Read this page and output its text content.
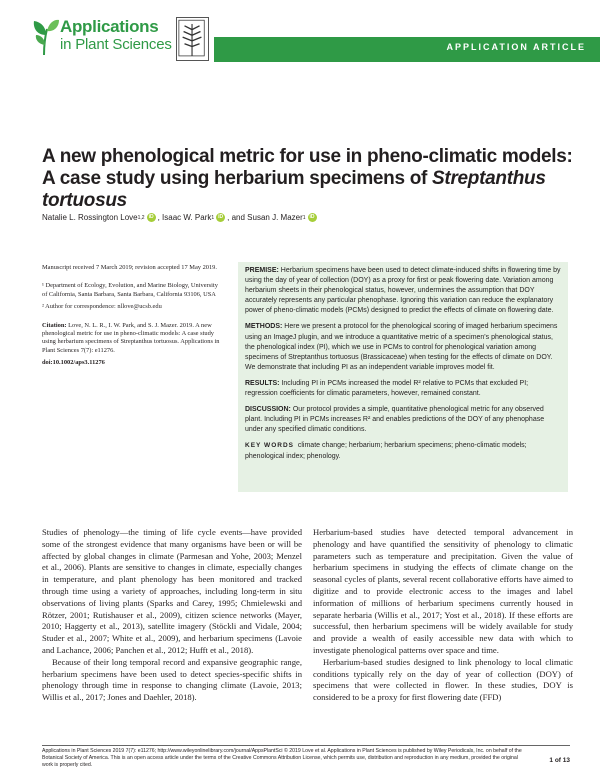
Applications
in Plant Sciences	APPLICATION ARTICLE
A new phenological metric for use in pheno-climatic models:
A case study using herbarium specimens of Streptanthus
tortuosus
Natalie L. Rossington Love 1,2 iD , Isaac W. Park 1 iD , and Susan J. Mazer 1 iD

Manuscript received 7 March 2019; revision accepted 17 May 2019.

¹ Department of Ecology, Evolution, and Marine Biology, University of California, Santa Barbara, Santa Barbara, California 93106, USA

² Author for correspondence: nllove@ucsb.edu

Citation: Love, N. L. R., I. W. Park, and S. J. Mazer. 2019. A new phenological metric for use in pheno-climatic models: A case study using herbarium specimens of Streptanthus tortuosus. Applications in Plant Sciences 7(7): e11276.

doi:10.1002/aps3.11276

PREMISE: Herbarium specimens have been used to detect climate-induced shifts in flowering time by using the day of year of collection (DOY) as a proxy for first or peak flowering date. Variation among herbarium sheets in their phenological status, however, undermines the assumption that DOY accurately represents any particular phenophase. Ignoring this variation can reduce the explanatory power of pheno-climatic models (PCMs) designed to predict the effects of climate on flowering date.

METHODS: Here we present a protocol for the phenological scoring of imaged herbarium specimens using an ImageJ plugin, and we introduce a quantitative metric of a specimen's phenological status, the phenological index (PI), which we use in PCMs to control for phenological variation among specimens of Streptanthus tortuosus (Brassicaceae) when testing for the effects of climate on DOY. We demonstrate that including PI as an independent variable improves model fit.

RESULTS: Including PI in PCMs increased the model R² relative to PCMs that excluded PI; regression coefficients for climatic parameters, however, remained constant.

DISCUSSION: Our protocol provides a simple, quantitative phenological metric for any observed plant. Including PI in PCMs increases R² and enables predictions of the DOY of any phenophase under any specified climatic conditions.

KEY WORDS climate change; herbarium; herbarium specimens; pheno-climatic models; phenological index; phenology.

Studies of phenology—the timing of life cycle events—have provided some of the strongest evidence that many organisms have been or will be affected by global changes in climate (Parmesan and Yohe, 2003; Menzel et al., 2006). Plants are sensitive to changes in climate, especially changes in temperature, and plant phenology has been monitored and tracked through time using a variety of approaches, including long-term in situ observations of living plants (Sparks and Carey, 1995; Chmielewski and Rötzer, 2001; Rutishauser et al., 2009), citizen science networks (Mayer, 2010; Haggerty et al., 2013), satellite imagery (Stöckli and Vidale, 2004; Studer et al., 2007; White et al., 2009), and herbarium specimens (Lavoie and Lachance, 2006; Panchen et al., 2012; Hufft et al., 2018).

Because of their long temporal record and expansive geographic range, herbarium specimens have been used to detect species-specific shifts in phenology through time in response to changing climate (Lavoie, 2013; Willis et al., 2017; Jones and Daehler, 2018).

Herbarium-based studies have detected temporal advancement in phenology and have quantified the sensitivity of phenology to climatic parameters such as temperature and precipitation. Given the value of herbarium specimens in studying the effects of climate change on the seasonal cycles of plants, several recent collaborative efforts have aimed to digitize and to provide electronic access to the images and label information of millions of herbarium specimens currently housed in separate herbaria (Willis et al., 2017; Yost et al., 2018). If these efforts are successful, then herbarium specimens will be widely available for study and provide a wealth of easily accessible new data with which to investigate phenological patterns over space and time.

Herbarium-based studies designed to link phenology to local climatic conditions typically rely on the day of year of collection (DOY) of specimens that were collected in flower. In these studies, DOY is considered to be a proxy for first flowering date (FFD)

Applications in Plant Sciences 2019 7(7): e11276; http://www.wileyonlinelibrary.com/journal/AppsPlantSci © 2019 Love et al. Applications in Plant Sciences is published by Wiley Periodicals, Inc. on behalf of the Botanical Society of America. This is an open access article under the terms of the Creative Commons Attribution License, which permits use, distribution and reproduction in any medium, provided the original work is properly cited.
1 of 13
